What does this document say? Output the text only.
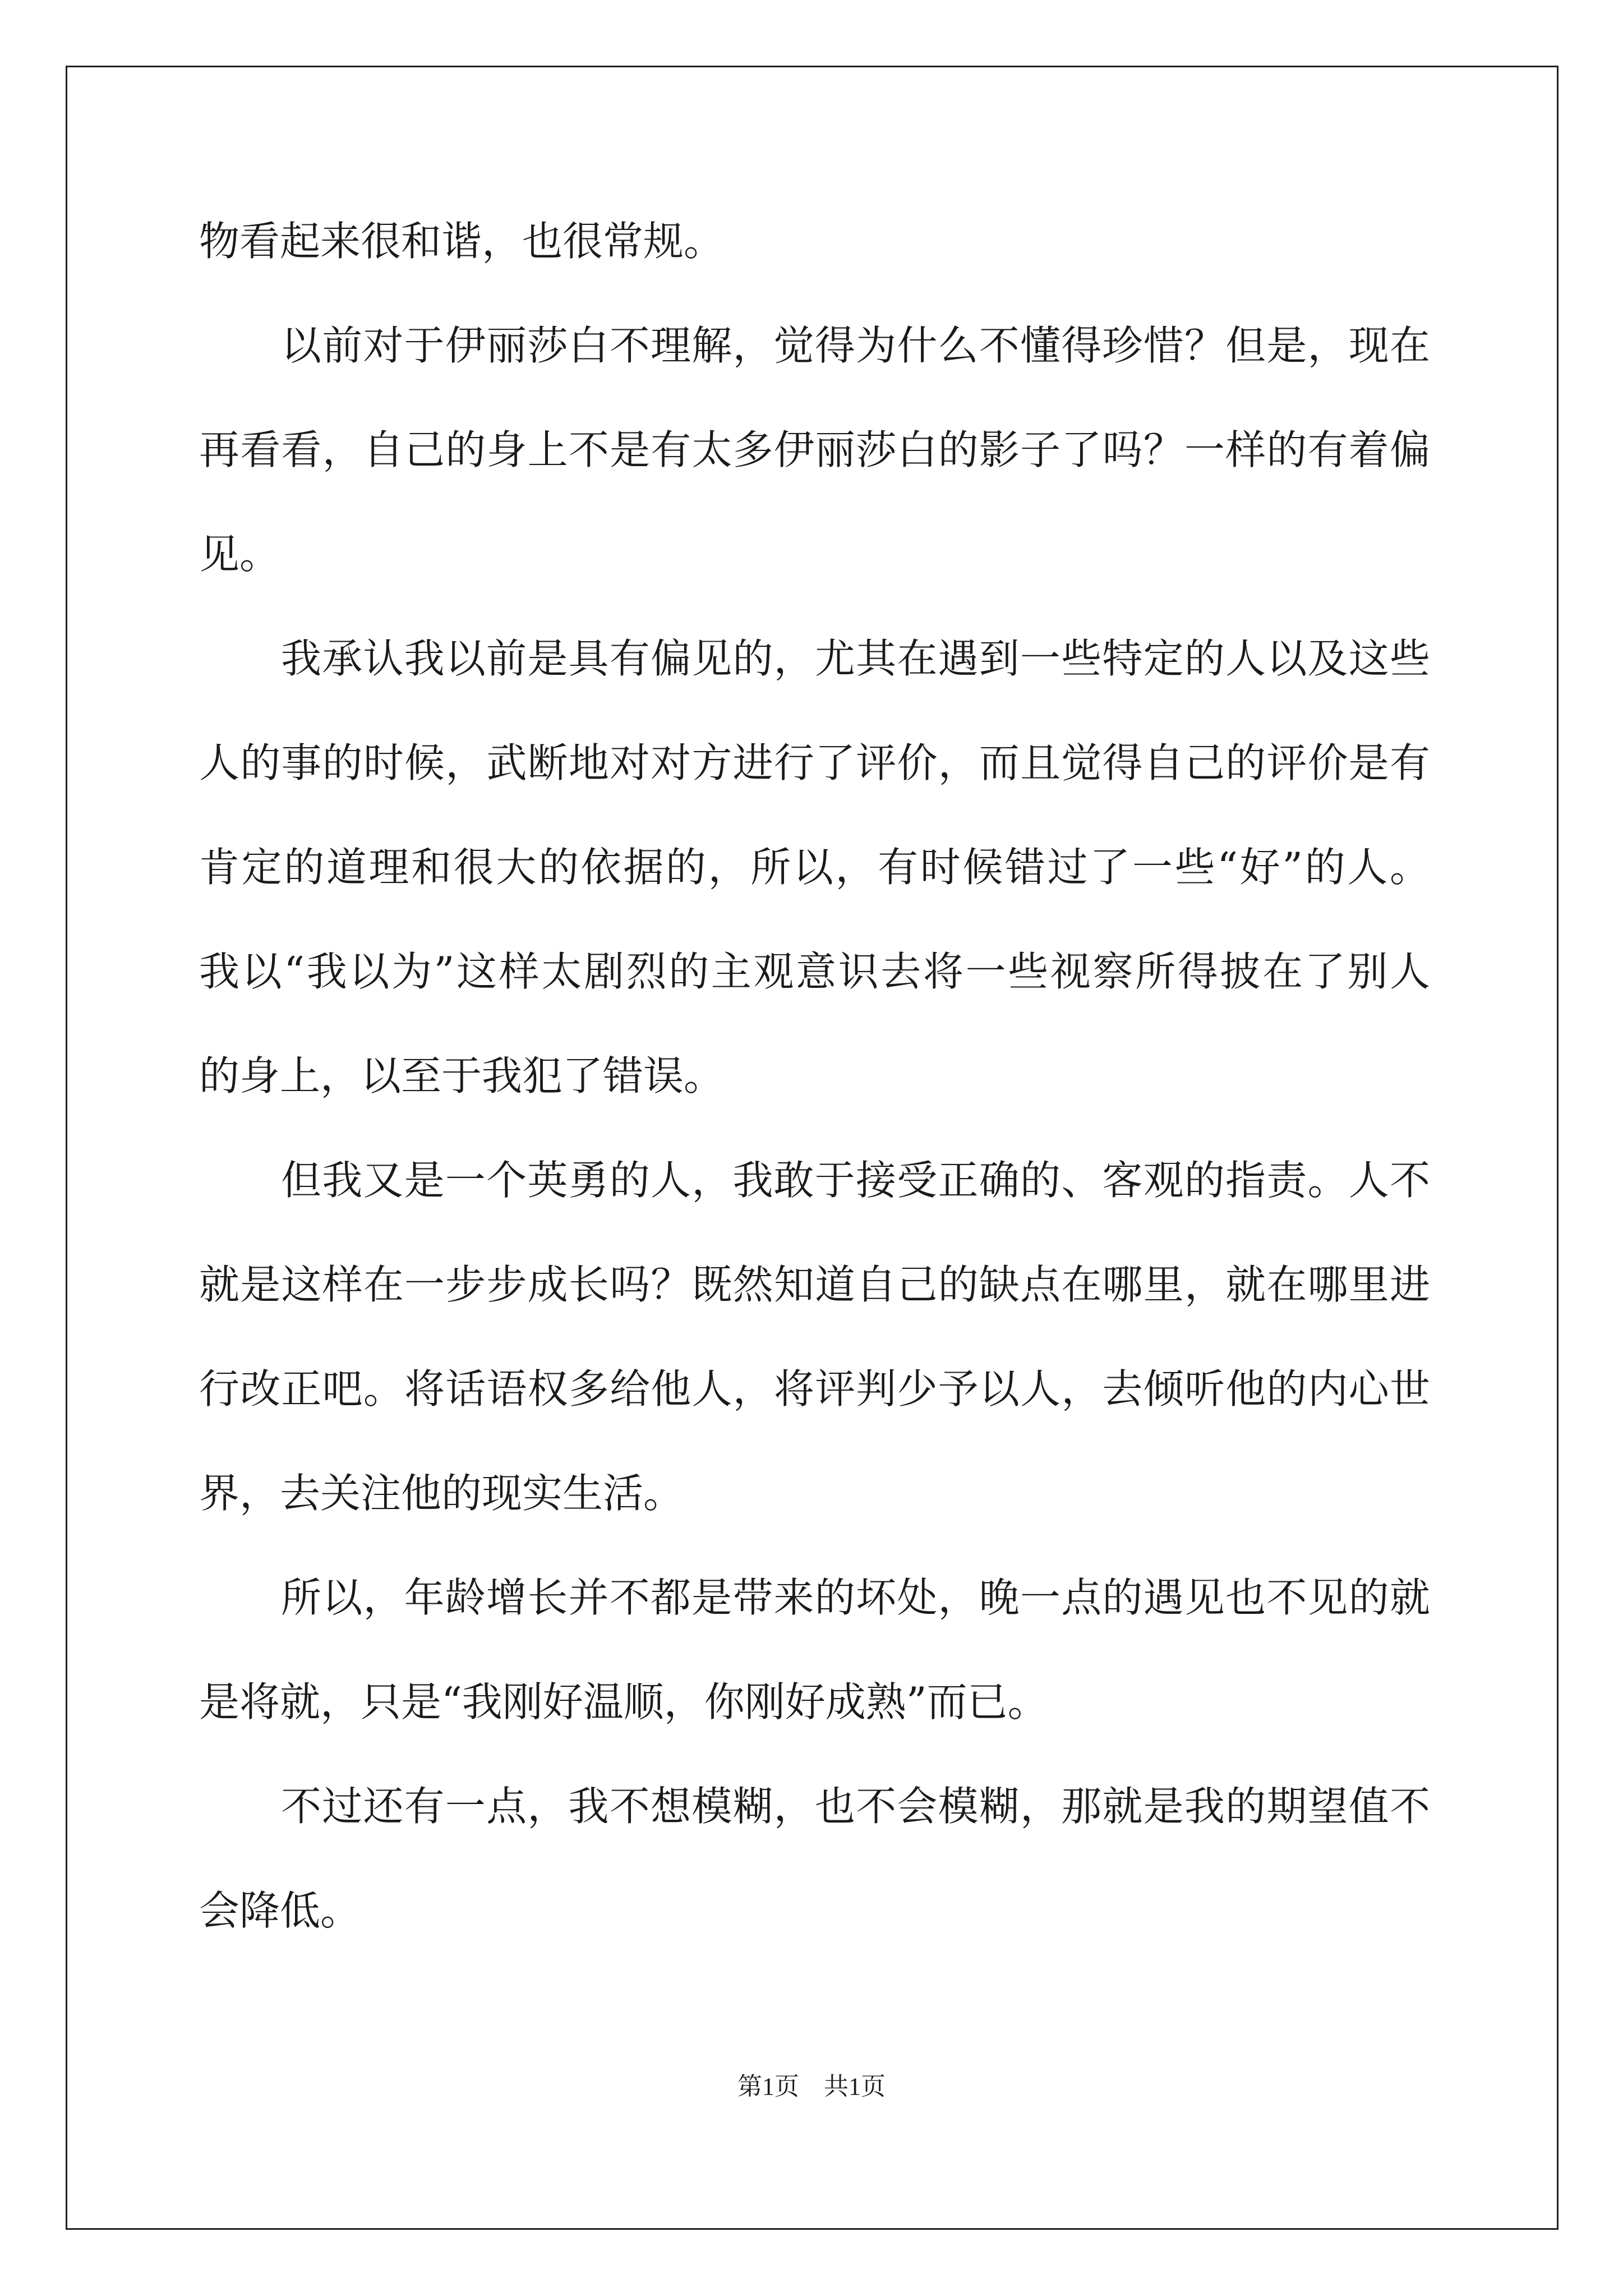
物看起来很和谐，也很常规。
以前对于伊丽莎白不理解，觉得为什么不懂得珍惜？但是，现在
再看看，自己的身上不是有太多伊丽莎白的影子了吗？一样的有着偏
见。
我承认我以前是具有偏见的，尤其在遇到一些特定的人以及这些
人的事的时候，武断地对对方进行了评价，而且觉得自己的评价是有
肯定的道理和很大的依据的，所以，有时候错过了一些“好”的人。
我以“我以为”这样太剧烈的主观意识去将一些视察所得披在了别人
的身上，以至于我犯了错误。
但我又是一个英勇的人，我敢于接受正确的、客观的指责。人不
就是这样在一步步成长吗？既然知道自己的缺点在哪里，就在哪里进
行改正吧。将话语权多给他人，将评判少予以人，去倾听他的内心世
界，去关注他的现实生活。
所以，年龄增长并不都是带来的坏处，晚一点的遇见也不见的就
是将就，只是“我刚好温顺，你刚好成熟”而已。
不过还有一点，我不想模糊，也不会模糊，那就是我的期望值不
会降低。
第1页 共1页
